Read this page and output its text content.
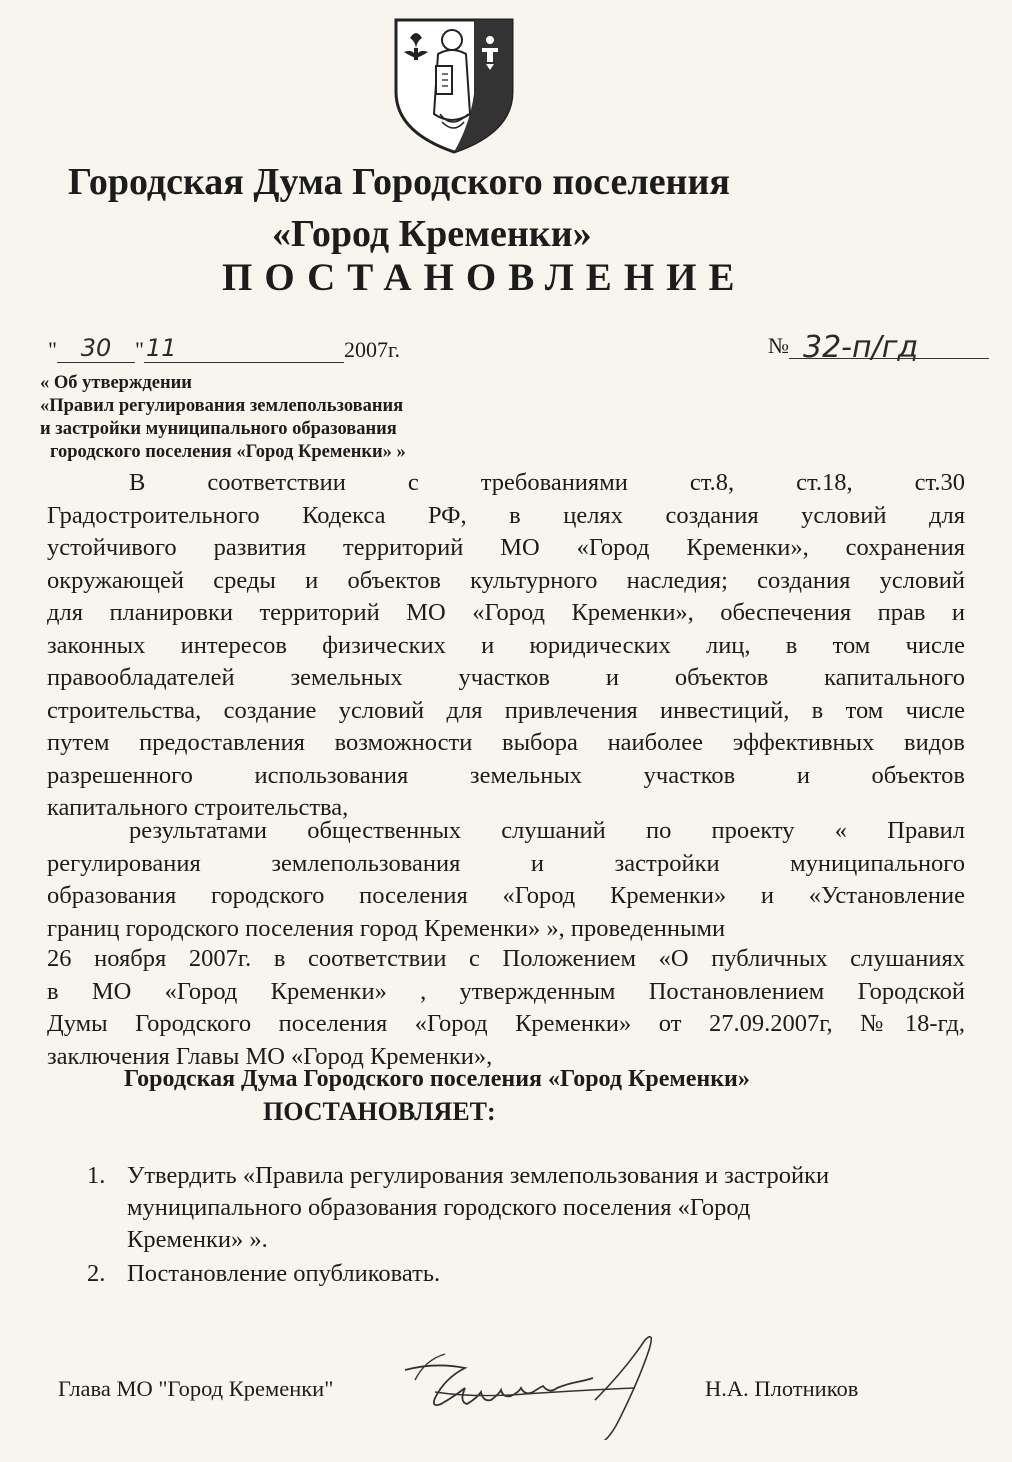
Городская Дума Городского поселения
«Город Кременки»
ПОСТАНОВЛЕНИЕ
" 30 "11	2007г.	№ 32-п/гд
« Об утверждении
«Правил регулирования землепользования
и застройки муниципального образования
городского поселения «Город Кременки» »
В соответствии с требованиями ст.8, ст.18, ст.30
Градостроительного Кодекса РФ, в целях создания условий для
устойчивого развития территорий МО «Город Кременки», сохранения
окружающей среды и объектов культурного наследия; создания условий
для планировки территорий МО «Город Кременки», обеспечения прав и
законных интересов физических и юридических лиц, в том числе
правообладателей земельных участков и объектов капитального
строительства, создание условий для привлечения инвестиций, в том числе
путем предоставления возможности выбора наиболее эффективных видов
разрешенного использования земельных участков и объектов
капитального строительства,
результатами общественных слушаний по проекту « Правил
регулирования землепользования и застройки муниципального
образования городского поселения «Город Кременки» и «Установление
границ городского поселения город Кременки» », проведенными
26 ноября 2007г. в соответствии с Положением «О публичных слушаниях
в МО «Город Кременки» , утвержденным Постановлением Городской
Думы Городского поселения «Город Кременки» от 27.09.2007г, №18-гд,
заключения Главы МО «Город Кременки»,
Городская Дума Городского поселения «Город Кременки»
ПОСТАНОВЛЯЕТ:
1. Утвердить «Правила регулирования землепользования и застройки
муниципального образования городского поселения «Город
Кременки» ».
2. Постановление опубликовать.
Глава МО "Город Кременки"	Н.А. Плотников
